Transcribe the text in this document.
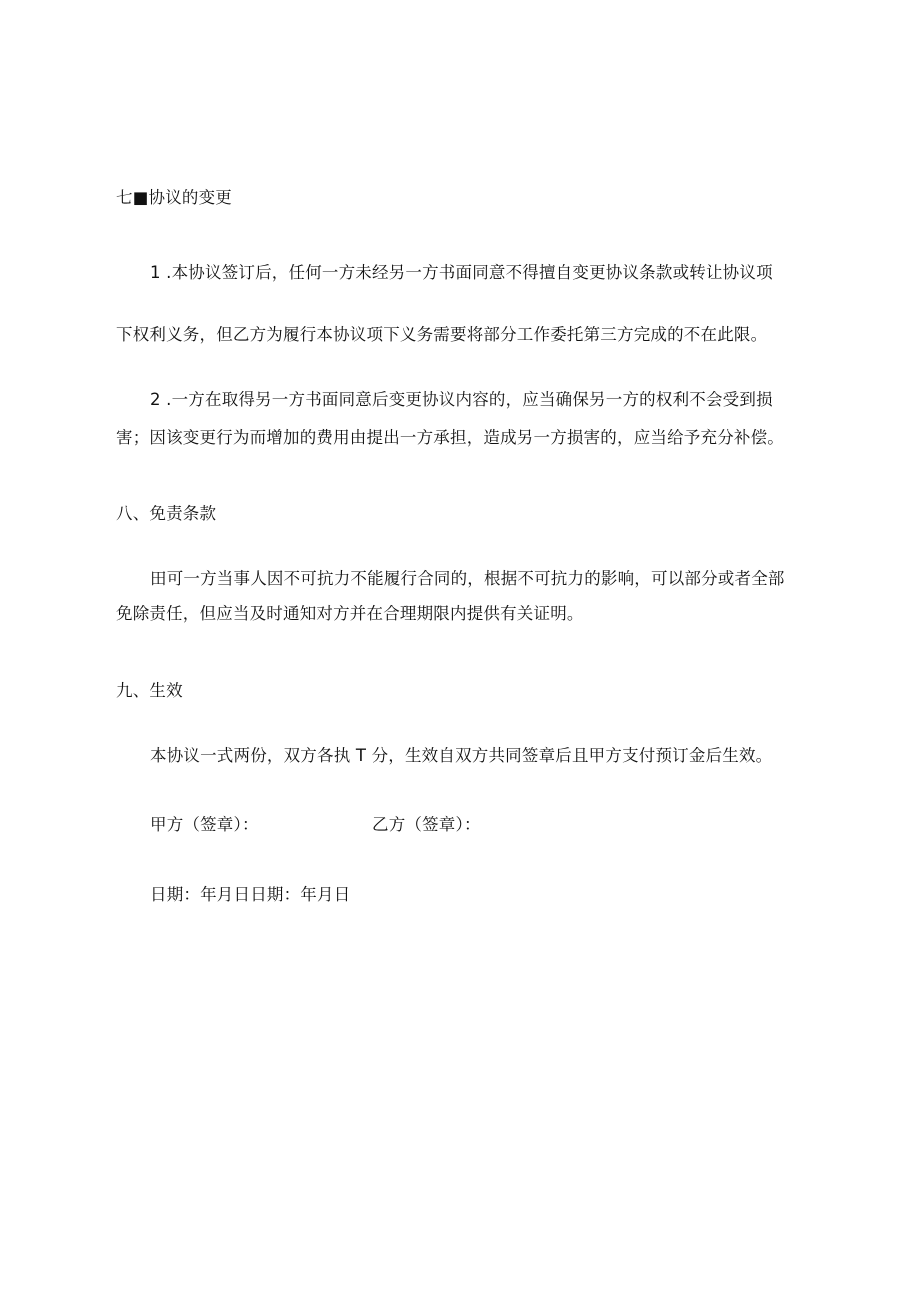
七■协议的变更
1 .本协议签订后，任何一方未经另一方书面同意不得擅自变更协议条款或转让协议项
下权利义务，但乙方为履行本协议项下义务需要将部分工作委托第三方完成的不在此限。
2 .一方在取得另一方书面同意后变更协议内容的，应当确保另一方的权利不会受到损
害；因该变更行为而增加的费用由提出一方承担，造成另一方损害的，应当给予充分补偿。
八、免责条款
田可一方当事人因不可抗力不能履行合同的，根据不可抗力的影响，可以部分或者全部
免除责任，但应当及时通知对方并在合理期限内提供有关证明。
九、生效
本协议一式两份，双方各执 T 分，生效自双方共同签章后且甲方支付预订金后生效。
甲方（签章）：	乙方（签章）：
日期：年月日日期：年月日
